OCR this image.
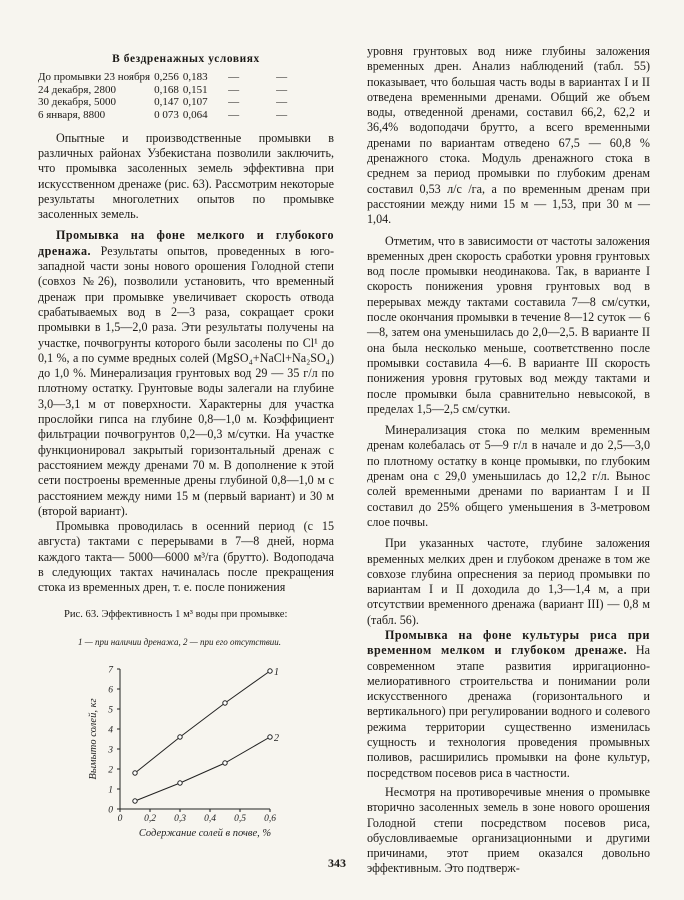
В бездренажных условиях
До промывки 23 ноября	0,256	0,183	—	—
24 декабря, 2800	0,168	0,151	—	—
30 декабря, 5000	0,147	0,107	—	—
6 января, 8800	0 073	0,064	—	—

Опытные и производственные промывки в различных районах Узбекистана позволили заключить, что промывка засоленных земель эффективна при искусственном дренаже (рис. 63). Рассмотрим некоторые результаты многолетних опытов по промывке засоленных земель.

Промывка на фоне мелкого и глубокого дренажа. Результаты опытов, проведенных в юго-западной части зоны нового орошения Голодной степи (совхоз №26), позволили установить, что временный дренаж при промывке увеличивает скорость отвода срабатываемых вод в 2—3 раза, сокращает сроки промывки в 1,5—2,0 раза. Эти результаты получены на участке, почвогрунты которого были засолены по Cl¹ до 0,1 %, а по сумме вредных солей (MgSO₄+NaCl+Na₂SO₄) до 1,0 %. Минерализация грунтовых вод 29 — 35 г/л по плотному остатку. Грунтовые воды залегали на глубине 3,0—3,1 м от поверхности. Характерны для участка прослойки гипса на глубине 0,8—1,0 м. Коэффициент фильтрации почвогрунтов 0,2—0,3 м/сутки. На участке функционировал закрытый горизонтальный дренаж с расстоянием между дренами 70 м. В дополнение к этой сети построены временные дрены глубиной 0,8—1,0 м с расстоянием между ними 15 м (первый вариант) и 30 м (второй вариант).

Промывка проводилась в осенний период (с 15 августа) тактами с перерывами в 7—8 дней, норма каждого такта— 5000—6000 м³/га (брутто). Водоподача в следующих тактах начиналась после прекращения стока из временных дрен, т. е. после понижения

Рис. 63. Эффективность 1 м³ воды при промывке:
1 — при наличии дренажа, 2 — при его отсутствии.
0
1
2
3
4
5
6
7
0 0,2 0,3 0,4 0,5 0,6
Содержание солей в почве, %
Вымыто солей, кг
1
2

уровня грунтовых вод ниже глубины заложения временных дрен. Анализ наблюдений (табл. 55) показывает, что большая часть воды в вариантах I и II отведена временными дренами. Общий же объем воды, отведенной дренами, составил 66,2, 62,2 и 36,4% водоподачи брутто, а всего временными дренами по вариантам отведено 67,5 — 60,8 % дренажного стока. Модуль дренажного стока в среднем за период промывки по глубоким дренам составил 0,53 л/с /га, а по временным дренам при расстоянии между ними 15 м — 1,53, при 30 м — 1,04.

Отметим, что в зависимости от частоты заложения временных дрен скорость сработки уровня грунтовых вод после промывки неодинакова. Так, в варианте I скорость понижения уровня грунтовых вод в перерывах между тактами составила 7—8 см/сутки, после окончания промывки в течение 8—12 суток — 6—8, затем она уменьшилась до 2,0—2,5. В варианте II она была несколько меньше, соответственно после промывки составила 4—6. В варианте III скорость понижения уровня грутовых вод между тактами и после промывки была сравнительно невысокой, в пределах 1,5—2,5 см/сутки.

Минерализация стока по мелким временным дренам колебалась от 5—9 г/л в начале и до 2,5—3,0 по плотному остатку в конце промывки, по глубоким дренам она с 29,0 уменьшилась до 12,2 г/л. Вынос солей временными дренами по вариантам I и II составил до 25% общего уменьшения в 3-метровом слое почвы.

При указанных частоте, глубине заложения временных мелких дрен и глубоком дренаже в том же совхозе глубина опреснения за период промывки по вариантам I и II доходила до 1,3—1,4 м, а при отсутствии временного дренажа (вариант III) — 0,8 м (табл. 56).

Промывка на фоне культуры риса при временном мелком и глубоком дренаже. На современном этапе развития ирригационно-мелиоративного строительства и понимании роли искусственного дренажа (горизонтального и вертикального) при регулировании водного и солевого режима территории существенно изменилась сущность и технология проведения промывных поливов, расширились промывки на фоне культур, посредством посевов риса в частности.

Несмотря на противоречивые мнения о промывке вторично засоленных земель в зоне нового орошения Голодной степи посредством посевов риса, обусловливаемые организационными и другими причинами, этот прием оказался довольно эффективным. Это подтверж-

343
